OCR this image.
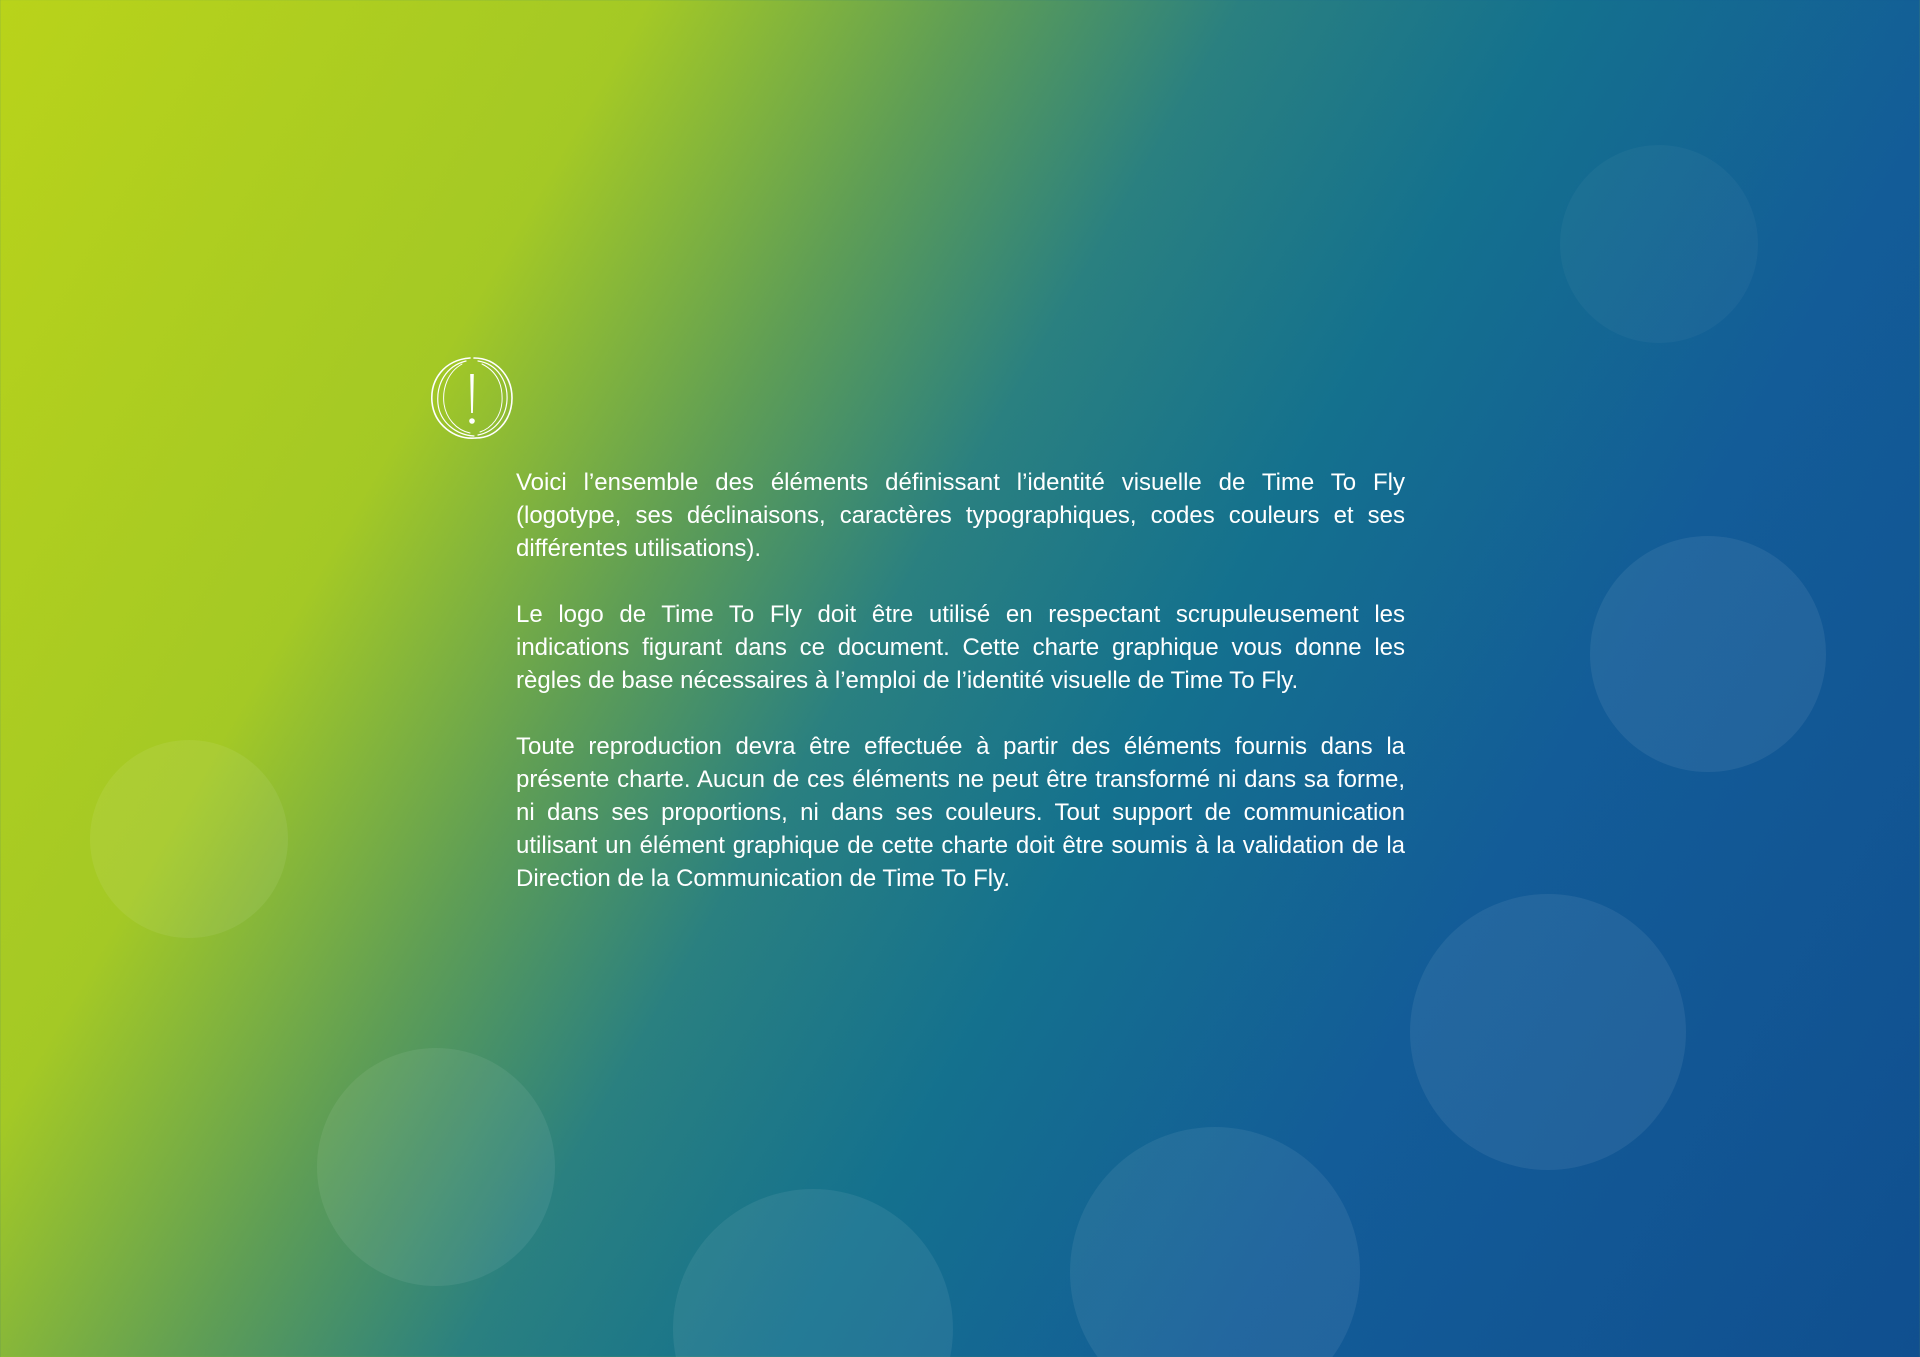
Voici l’ensemble des éléments définissant l’identité visuelle de Time To Fly (logotype, ses déclinaisons, caractères typographiques, codes couleurs et ses différentes utilisations).

Le logo de Time To Fly doit être utilisé en respectant scrupuleusement les indications figurant dans ce document. Cette charte graphique vous donne les règles de base nécessaires à l’emploi de l’identité visuelle de Time To Fly.

Toute reproduction devra être effectuée à partir des éléments fournis dans la présente charte. Aucun de ces éléments ne peut être transformé ni dans sa forme, ni dans ses proportions, ni dans ses couleurs. Tout support de communication utilisant un élément graphique de cette charte doit être soumis à la validation de la Direction de la Communication de Time To Fly.
